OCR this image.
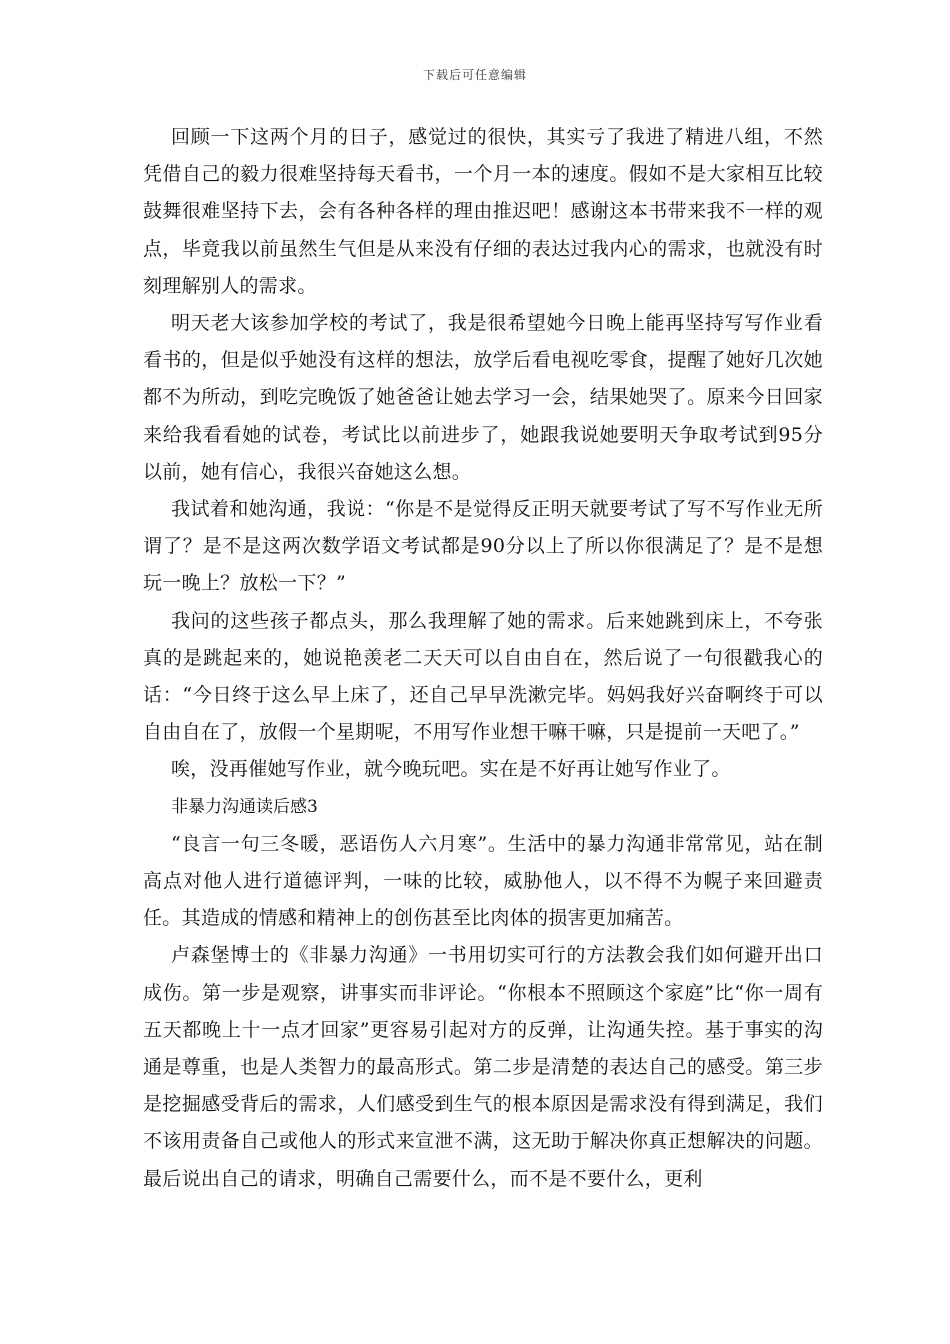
下载后可任意编辑

回顾一下这两个月的日子，感觉过的很快，其实亏了我进了精进八组，不然凭借自己的毅力很难坚持每天看书，一个月一本的速度。假如不是大家相互比较鼓舞很难坚持下去，会有各种各样的理由推迟吧！感谢这本书带来我不一样的观点，毕竟我以前虽然生气但是从来没有仔细的表达过我内心的需求，也就没有时刻理解别人的需求。

明天老大该参加学校的考试了，我是很希望她今日晚上能再坚持写写作业看看书的，但是似乎她没有这样的想法，放学后看电视吃零食，提醒了她好几次她都不为所动，到吃完晚饭了她爸爸让她去学习一会，结果她哭了。原来今日回家来给我看看她的试卷，考试比以前进步了，她跟我说她要明天争取考试到95分以前，她有信心，我很兴奋她这么想。

我试着和她沟通，我说：“你是不是觉得反正明天就要考试了写不写作业无所谓了？是不是这两次数学语文考试都是90分以上了所以你很满足了？是不是想玩一晚上？放松一下？”

我问的这些孩子都点头，那么我理解了她的需求。后来她跳到床上，不夸张真的是跳起来的，她说艳羡老二天天可以自由自在，然后说了一句很戳我心的话：“今日终于这么早上床了，还自己早早洗漱完毕。妈妈我好兴奋啊终于可以自由自在了，放假一个星期呢，不用写作业想干嘛干嘛，只是提前一天吧了。”

唉，没再催她写作业，就今晚玩吧。实在是不好再让她写作业了。

非暴力沟通读后感3

“良言一句三冬暖，恶语伤人六月寒”。生活中的暴力沟通非常常见，站在制高点对他人进行道德评判，一味的比较，威胁他人，以不得不为幌子来回避责任。其造成的情感和精神上的创伤甚至比肉体的损害更加痛苦。

卢森堡博士的《非暴力沟通》一书用切实可行的方法教会我们如何避开出口成伤。第一步是观察，讲事实而非评论。“你根本不照顾这个家庭”比“你一周有五天都晚上十一点才回家”更容易引起对方的反弹，让沟通失控。基于事实的沟通是尊重，也是人类智力的最高形式。第二步是清楚的表达自己的感受。第三步是挖掘感受背后的需求，人们感受到生气的根本原因是需求没有得到满足，我们不该用责备自己或他人的形式来宣泄不满，这无助于解决你真正想解决的问题。最后说出自己的请求，明确自己需要什么，而不是不要什么，更利
